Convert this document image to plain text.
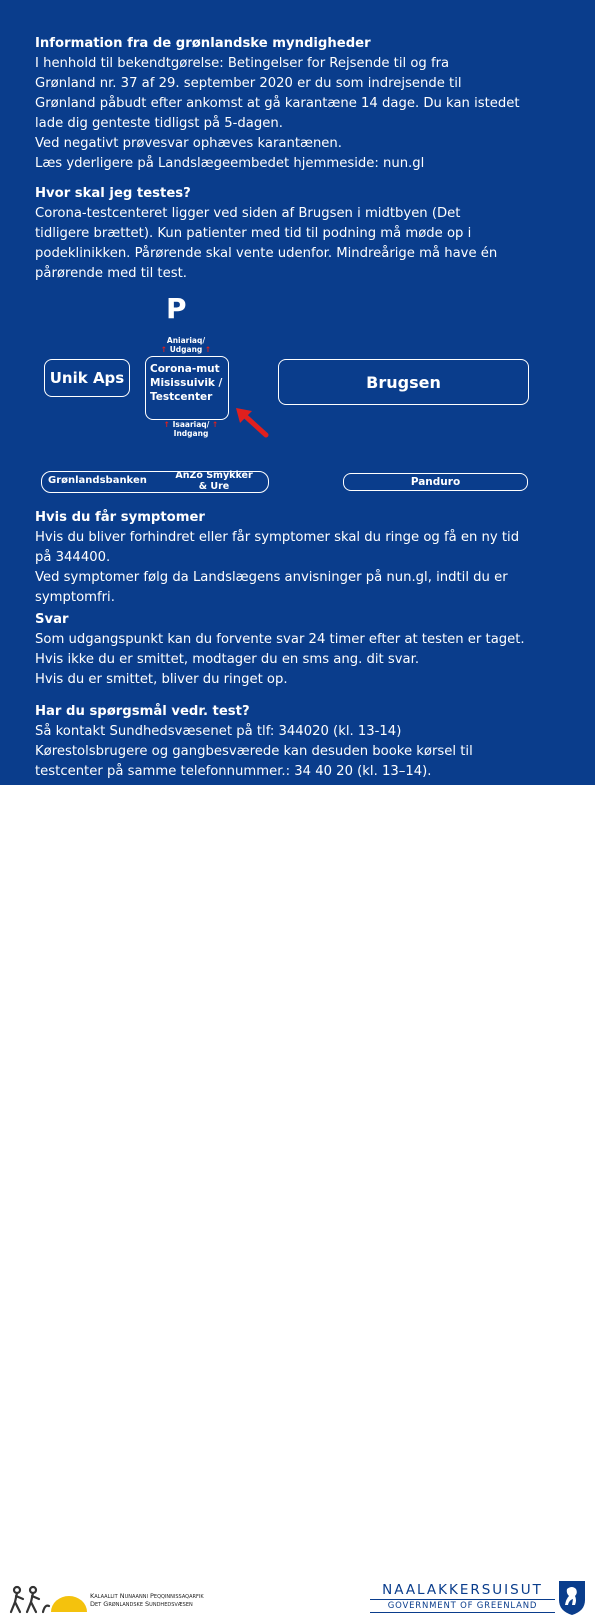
Information fra de grønlandske myndigheder
I henhold til bekendtgørelse: Betingelser for Rejsende til og fra
Grønland nr. 37 af 29. september 2020 er du som indrejsende til
Grønland påbudt efter ankomst at gå karantæne 14 dage. Du kan istedet
lade dig genteste tidligst på 5-dagen.
Ved negativt prøvesvar ophæves karantænen.
Læs yderligere på Landslægeembedet hjemmeside: nun.gl
Hvor skal jeg testes?
Corona-testcenteret ligger ved siden af Brugsen i midtbyen (Det
tidligere brættet). Kun patienter med tid til podning må møde op i
podeklinikken. Pårørende skal vente udenfor. Mindreårige må have én
pårørende med til test.
P
Aniariaq/
↑ Udgang ↑
Unik Aps Corona-mut
Misissuivik /
Testcenter
↑ Isaariaq/ ↑
Indgang
Brugsen
Grønlandsbanken	AnZo Smykker
& Ure	Panduro
Hvis du får symptomer
Hvis du bliver forhindret eller får symptomer skal du ringe og få en ny tid
på 344400.
Ved symptomer følg da Landslægens anvisninger på nun.gl, indtil du er
symptomfri.
Svar
Som udgangspunkt kan du forvente svar 24 timer efter at testen er taget.
Hvis ikke du er smittet, modtager du en sms ang. dit svar.
Hvis du er smittet, bliver du ringet op.
Har du spørgsmål vedr. test?
Så kontakt Sundhedsvæsenet på tlf: 344020 (kl. 13-14)
Kørestolsbrugere og gangbesværede kan desuden booke kørsel til
testcenter på samme telefonnummer.: 34 40 20 (kl. 13–14).
Kalaallit Nunaanni Peqqinnissaqarfik
Det Grønlandske Sundhedsvæsen
NAALAKKERSUISUT
GOVERNMENT OF GREENLAND
